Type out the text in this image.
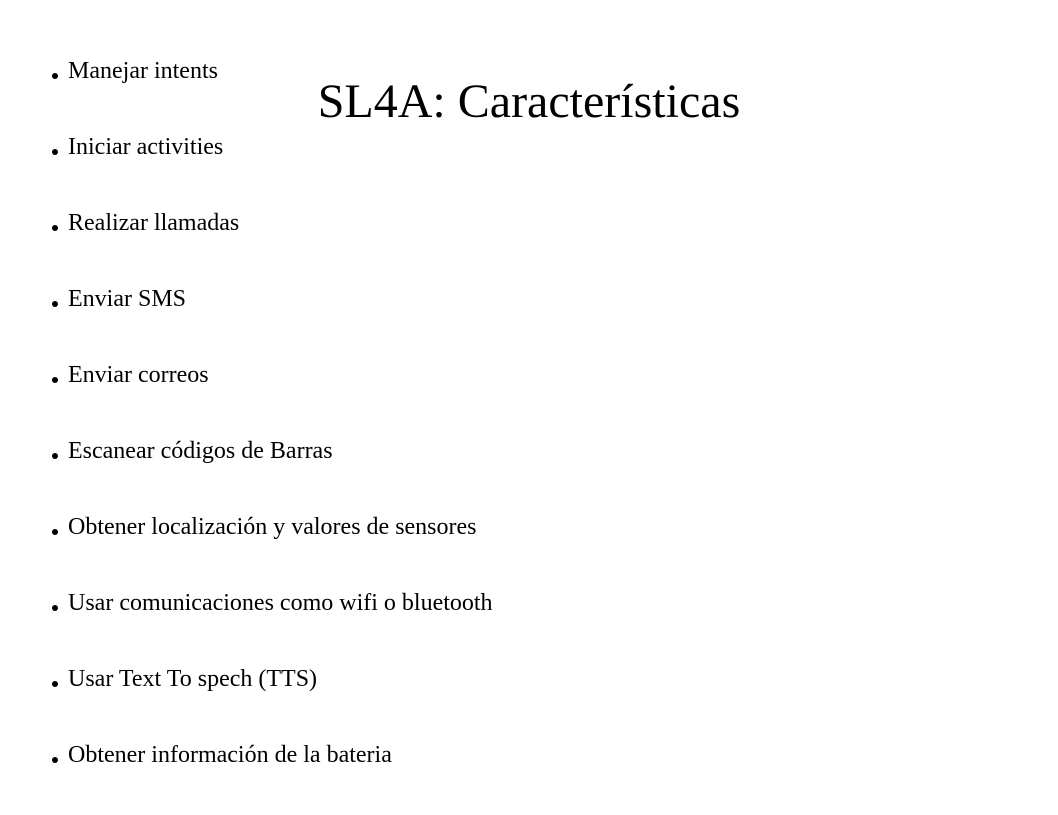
Manejar intents
Iniciar activities
Realizar llamadas
Enviar SMS
Enviar correos
Escanear códigos de Barras
Obtener localización y valores de sensores
Usar comunicaciones como wifi o bluetooth
Usar Text To spech (TTS)
Obtener información de la bateria
SL4A: Características
